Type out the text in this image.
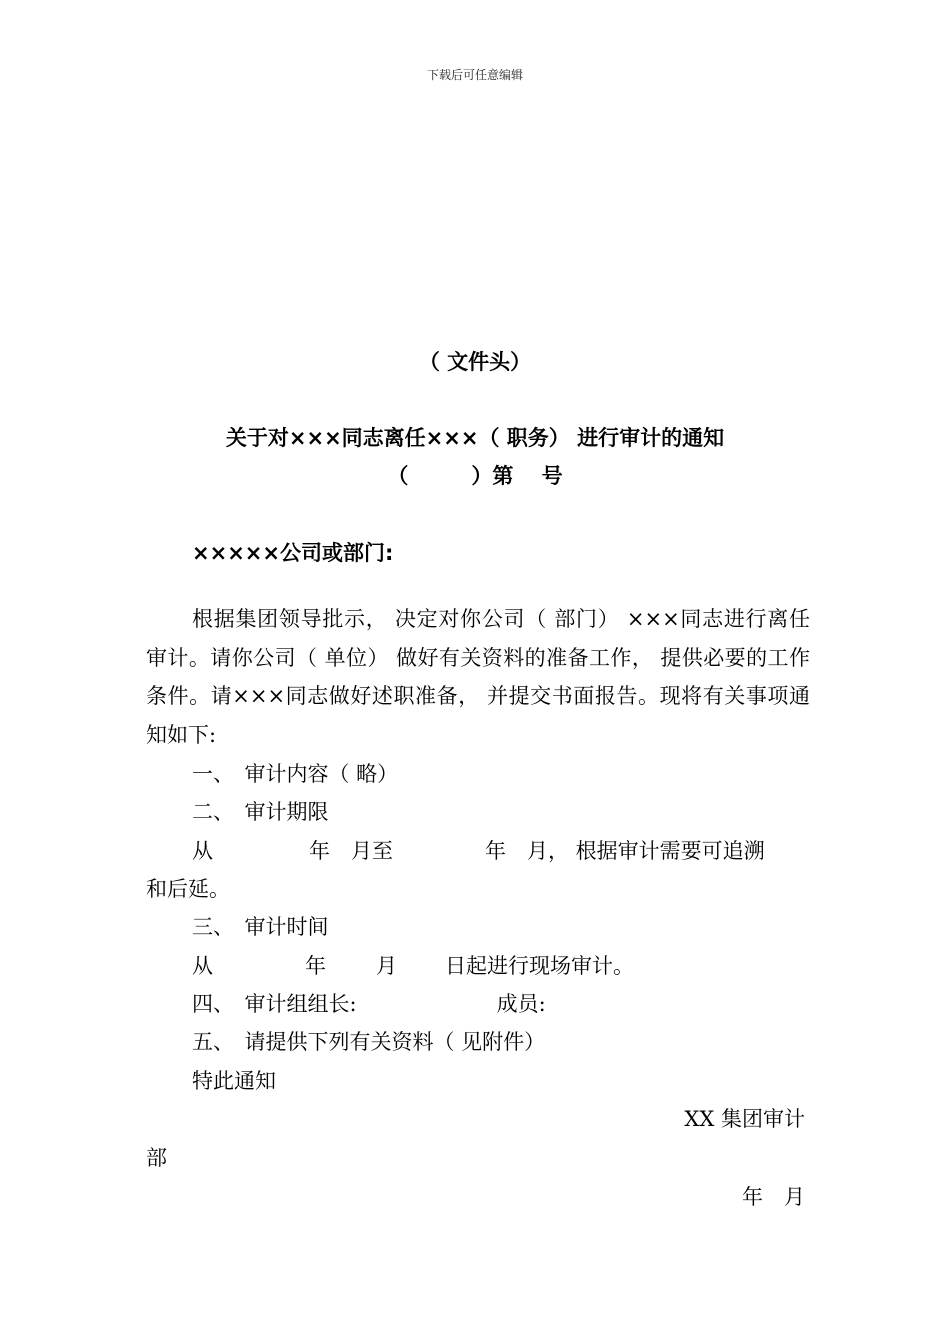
下载后可任意编辑
（ 文件头）
关于对×××同志离任×××（ 职务） 进行审计的通知
（　　　）第　 号
×××××公司或部门:
根据集团领导批示， 决定对你公司（ 部门） ×××同志进行离任审计。请你公司（ 单位） 做好有关资料的准备工作， 提供必要的工作条件。请×××同志做好述职准备， 并提交书面报告。现将有关事项通知如下:
一、　审计内容（ 略）
二、　审计期限
从	年　月至	年　月， 根据审计需要可追溯
和后延。
三、　审计时间
从	年 月 日起进行现场审计。
四、　审计组组长:	成员:
五、　请提供下列有关资料（ 见附件）
特此通知
XX 集团审计
部
年　月
